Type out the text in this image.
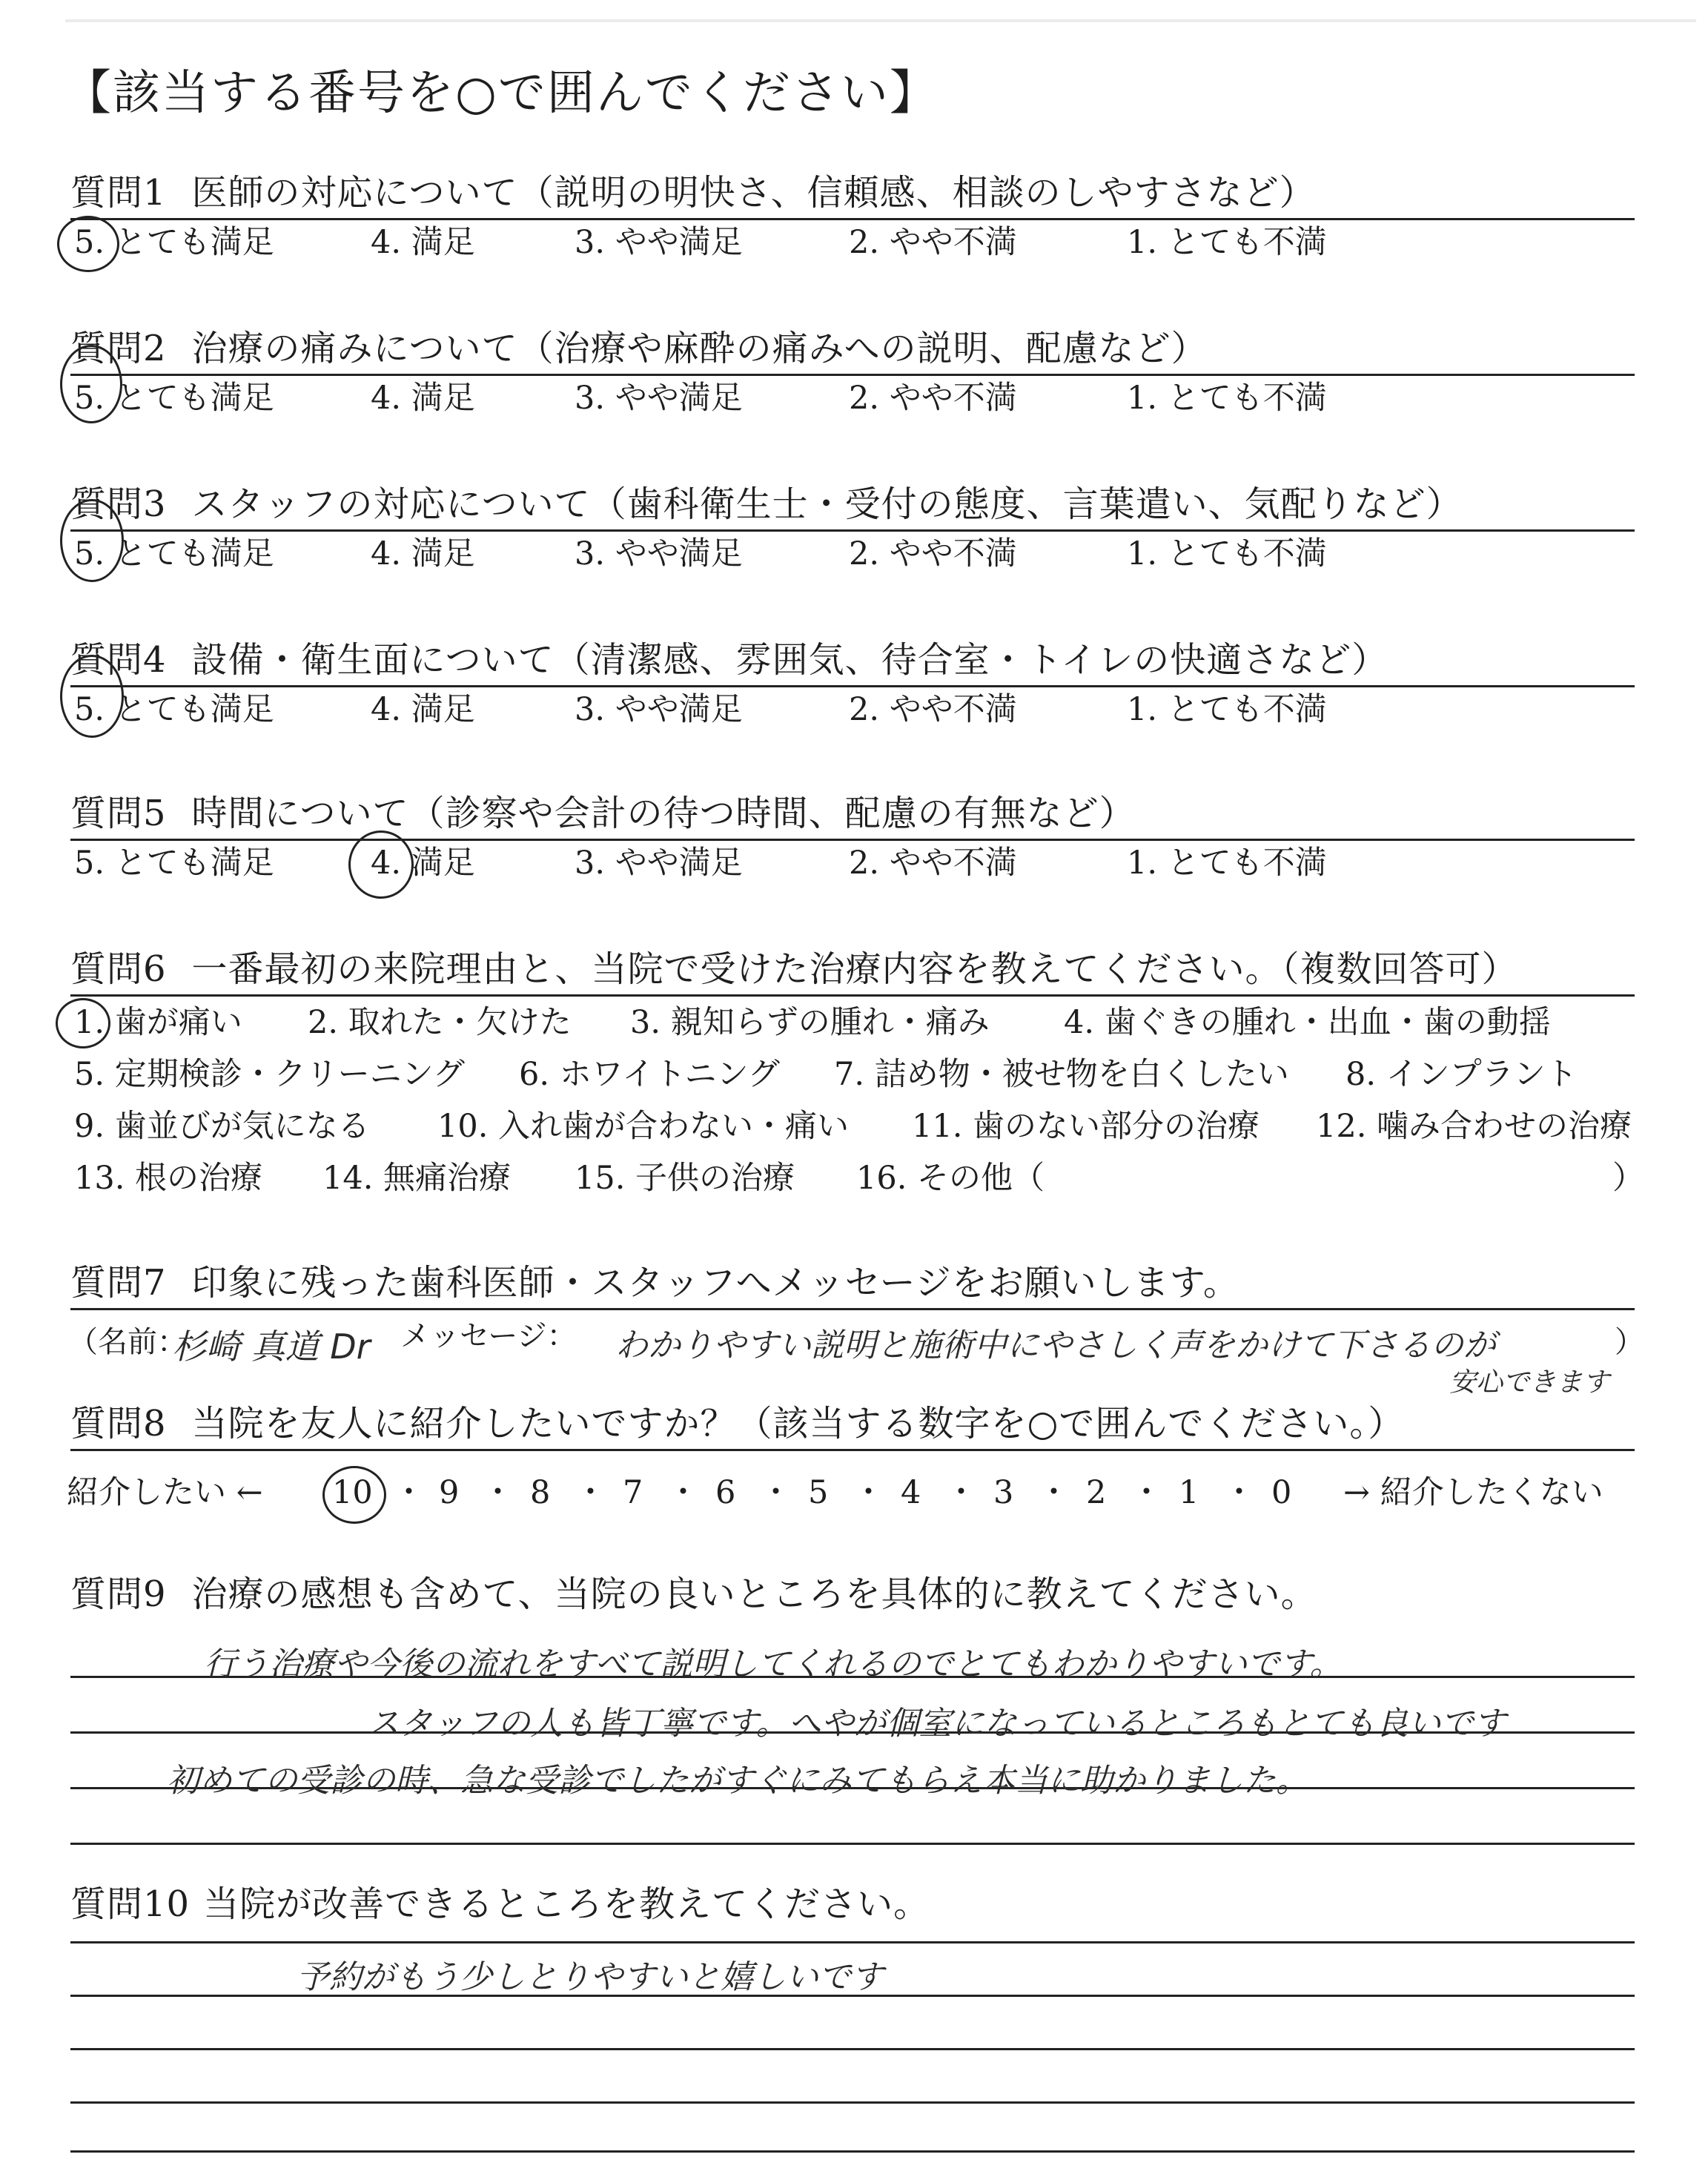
【該当する番号を○で囲んでください】
質問1 医師の対応について（説明の明快さ、信頼感、相談のしやすさなど）
5. とても満足	4. 満足	3. やや満足	2. やや不満	1. とても不満
質問2 治療の痛みについて（治療や麻酔の痛みへの説明、配慮など）
5. とても満足	4. 満足	3. やや満足	2. やや不満	1. とても不満
質問3 スタッフの対応について（歯科衛生士・受付の態度、言葉遣い、気配りなど）
5. とても満足	4. 満足	3. やや満足	2. やや不満	1. とても不満
質問4 設備・衛生面について（清潔感、雰囲気、待合室・トイレの快適さなど）
5. とても満足	4. 満足	3. やや満足	2. やや不満	1. とても不満
質問5 時間について（診察や会計の待つ時間、配慮の有無など）
5. とても満足	4. 満足	3. やや満足	2. やや不満	1. とても不満
質問6 一番最初の来院理由と、当院で受けた治療内容を教えてください。（複数回答可）
1. 歯が痛い 2. 取れた・欠けた 3. 親知らずの腫れ・痛み 4. 歯ぐきの腫れ・出血・歯の動揺
5. 定期検診・クリーニング 6. ホワイトニング 7. 詰め物・被せ物を白くしたい 8. インプラント
9. 歯並びが気になる 10. 入れ歯が合わない・痛い 11. 歯のない部分の治療 12. 噛み合わせの治療
13. 根の治療 14. 無痛治療 15. 子供の治療 16. その他（	）
質問7 印象に残った歯科医師・スタッフへメッセージをお願いします。
（名前：
杉崎 真道 Dr メッセージ： わかりやすい説明と施術中にやさしく声をかけて下さるのが
安心できます
）
質問8 当院を友人に紹介したいですか？（該当する数字を○で囲んでください。）
紹介したい ← 10 ・ 9 ・ 8 ・ 7 ・ 6 ・ 5 ・ 4 ・ 3 ・ 2 ・ 1 ・ 0 → 紹介したくない
質問9 治療の感想も含めて、当院の良いところを具体的に教えてください。
行う治療や今後の流れをすべて説明してくれるのでとてもわかりやすいです。
スタッフの人も皆丁寧です。へやが個室になっているところもとても良いです
初めての受診の時、急な受診でしたがすぐにみてもらえ本当に助かりました。
質問10 当院が改善できるところを教えてください。
予約がもう少しとりやすいと嬉しいです
